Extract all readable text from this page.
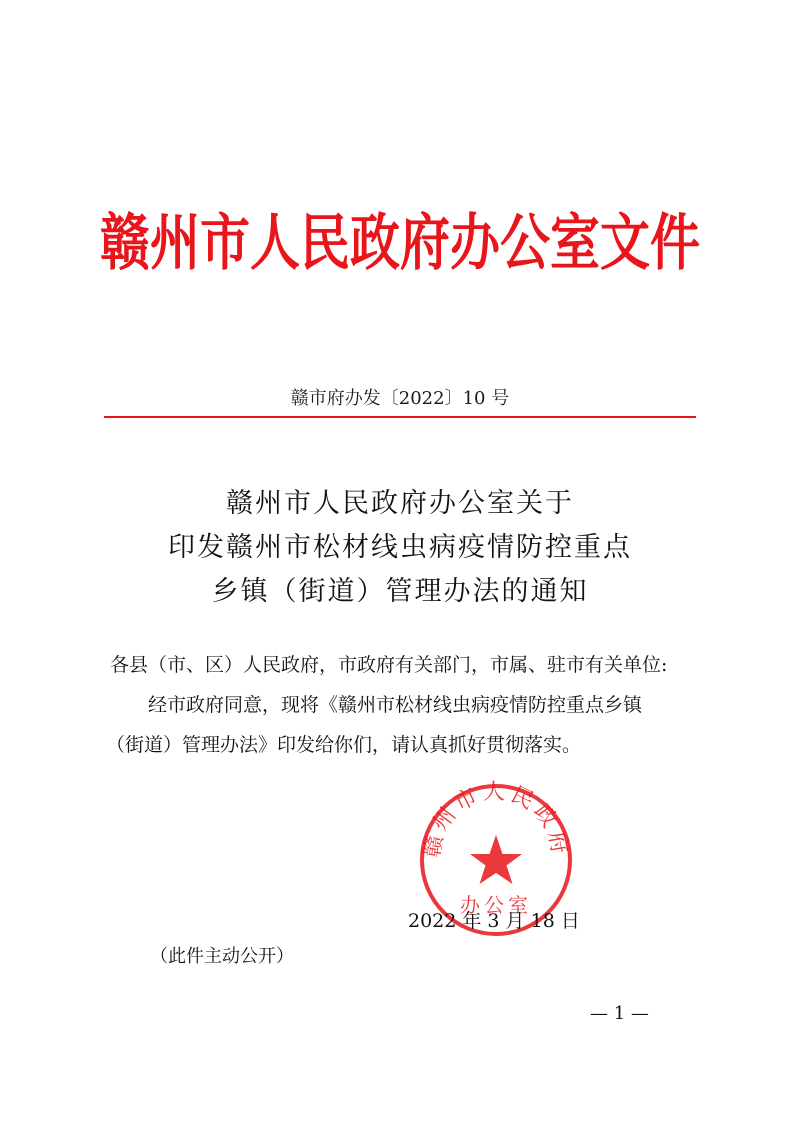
赣州市人民政府办公室文件
赣市府办发〔2022〕10 号
赣州市人民政府办公室关于
印发赣州市松材线虫病疫情防控重点
乡镇（街道）管理办法的通知
各县（市、区）人民政府，市政府有关部门，市属、驻市有关单位:
经市政府同意，现将《赣州市松材线虫病疫情防控重点乡镇
（街道）管理办法》印发给你们，请认真抓好贯彻落实。
赣州市人民政府
办公室
2022 年 3 月 18 日
（此件主动公开）
— 1 —
